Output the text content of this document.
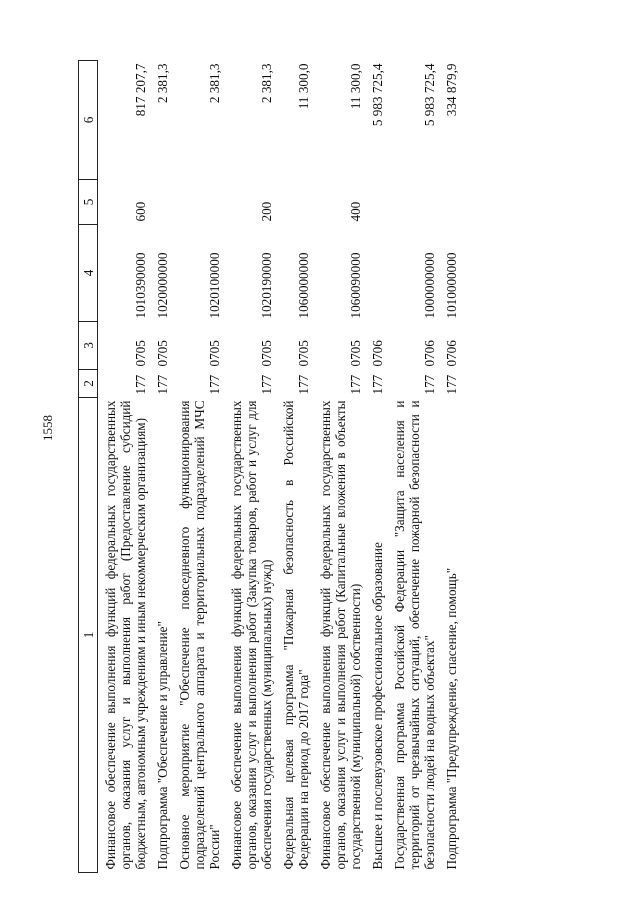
1558
1	2	3	4	5	6
Финансовое обеспечение выполнения функций федеральных государственных органов, оказания услуг и выполнения работ (Предоставление субсидий бюджетным, автономным учреждениям и иным некоммерческим организациям)	177	0705	1010390000	600	817 207,7
Подпрограмма "Обеспечение и управление"	177	0705	1020000000		2 381,3
Основное мероприятие "Обеспечение повседневного функционирования подразделений центрального аппарата и территориальных подразделений МЧС России"	177	0705	1020100000		2 381,3
Финансовое обеспечение выполнения функций федеральных государственных органов, оказания услуг и выполнения работ (Закупка товаров, работ и услуг для обеспечения государственных (муниципальных) нужд)	177	0705	1020190000	200	2 381,3
Федеральная целевая программа "Пожарная безопасность в Российской Федерации на период до 2017 года"	177	0705	1060000000		11 300,0
Финансовое обеспечение выполнения функций федеральных государственных органов, оказания услуг и выполнения работ (Капитальные вложения в объекты государственной (муниципальной) собственности)	177	0705	1060090000	400	11 300,0
Высшее и послевузовское профессиональное образование	177	0706			5 983 725,4
Государственная программа Российской Федерации "Защита населения и территорий от чрезвычайных ситуаций, обеспечение пожарной безопасности и безопасности людей на водных объектах"	177	0706	1000000000		5 983 725,4
Подпрограмма "Предупреждение, спасение, помощь"	177	0706	1010000000		334 879,9
